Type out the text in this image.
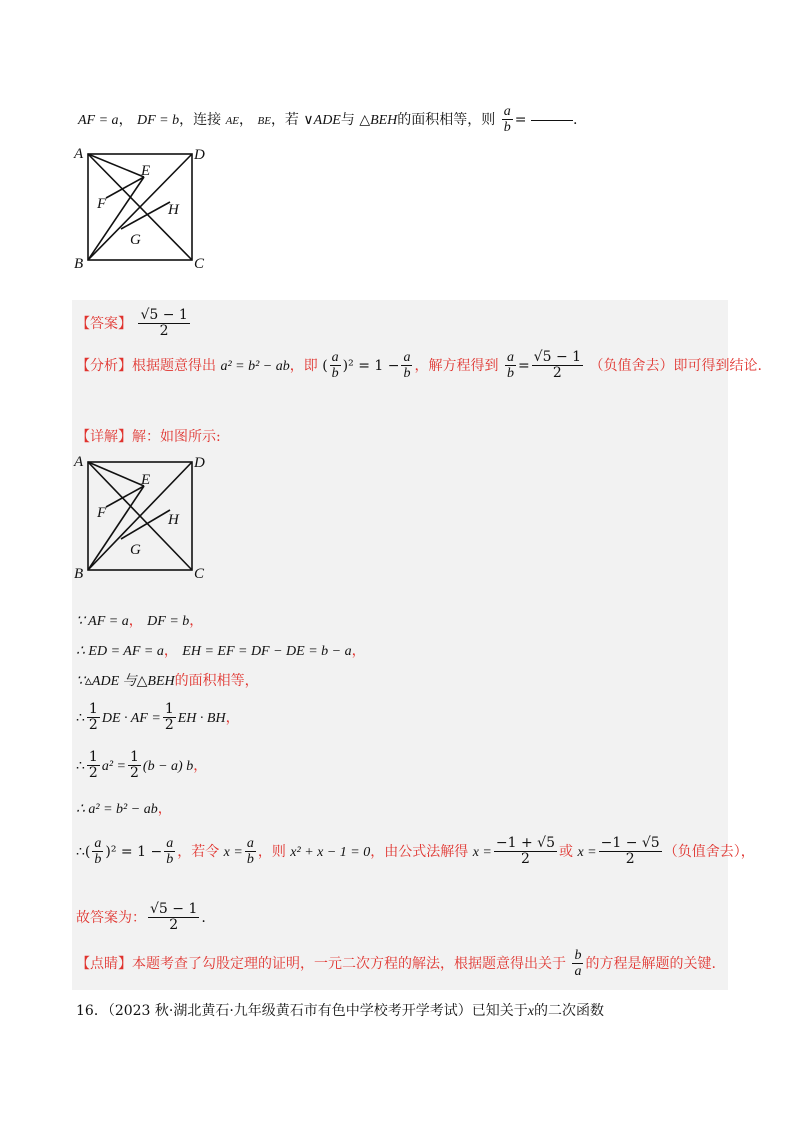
AF = a， DF = b，连接 AE， BE，若 ∨ADE与 △BEH的面积相等，则 $\frac{a}{b}$ =	.
A	D
E
F	H
G
B	C
【答案】 $\frac{√5 - 1}{2}$
【分析】根据题意得出 a² = b² − ab，即 ( $\frac{a}{b} )^2 = 1 - \frac{a}{b}$ ，解方程得到 $\frac{a}{b} = \frac{√5 - 1}{2}$ （负值舍去）即可得到结论.
【详解】解：如图所示:
A	D
E
F	H
G
B	C
∵ AF = a， DF = b，
∴ ED = AF = a， EH = EF = DF − DE = b − a，
∵▵ADE 与△BEH的面积相等，
∴ $\frac{1}{2}$ DE · AF = $\frac{1}{2}$ EH · BH，
∴ $\frac{1}{2} a^2 = \frac{1}{2} (b - a)$ b，
∴ a² = b² − ab，
∴( $\frac{a}{b} )^2 = 1 - \frac{a}{b}$ ，若令 $x = \frac{a}{b}$ ，则 x² + x − 1 = 0，由公式法解得 $x = \frac{-1 + √5}{2}$ 或 $x = \frac{-1 - √5}{2}$ （负值舍去），
故答案为： $\frac{√5 - 1}{2}$ .
【点睛】本题考查了勾股定理的证明，一元二次方程的解法，根据题意得出关于 $\frac{b}{a}$ 的方程是解题的关键.
16．（2023 秋·湖北黄石·九年级黄石市有色中学校考开学考试）已知关于x的二次函数
